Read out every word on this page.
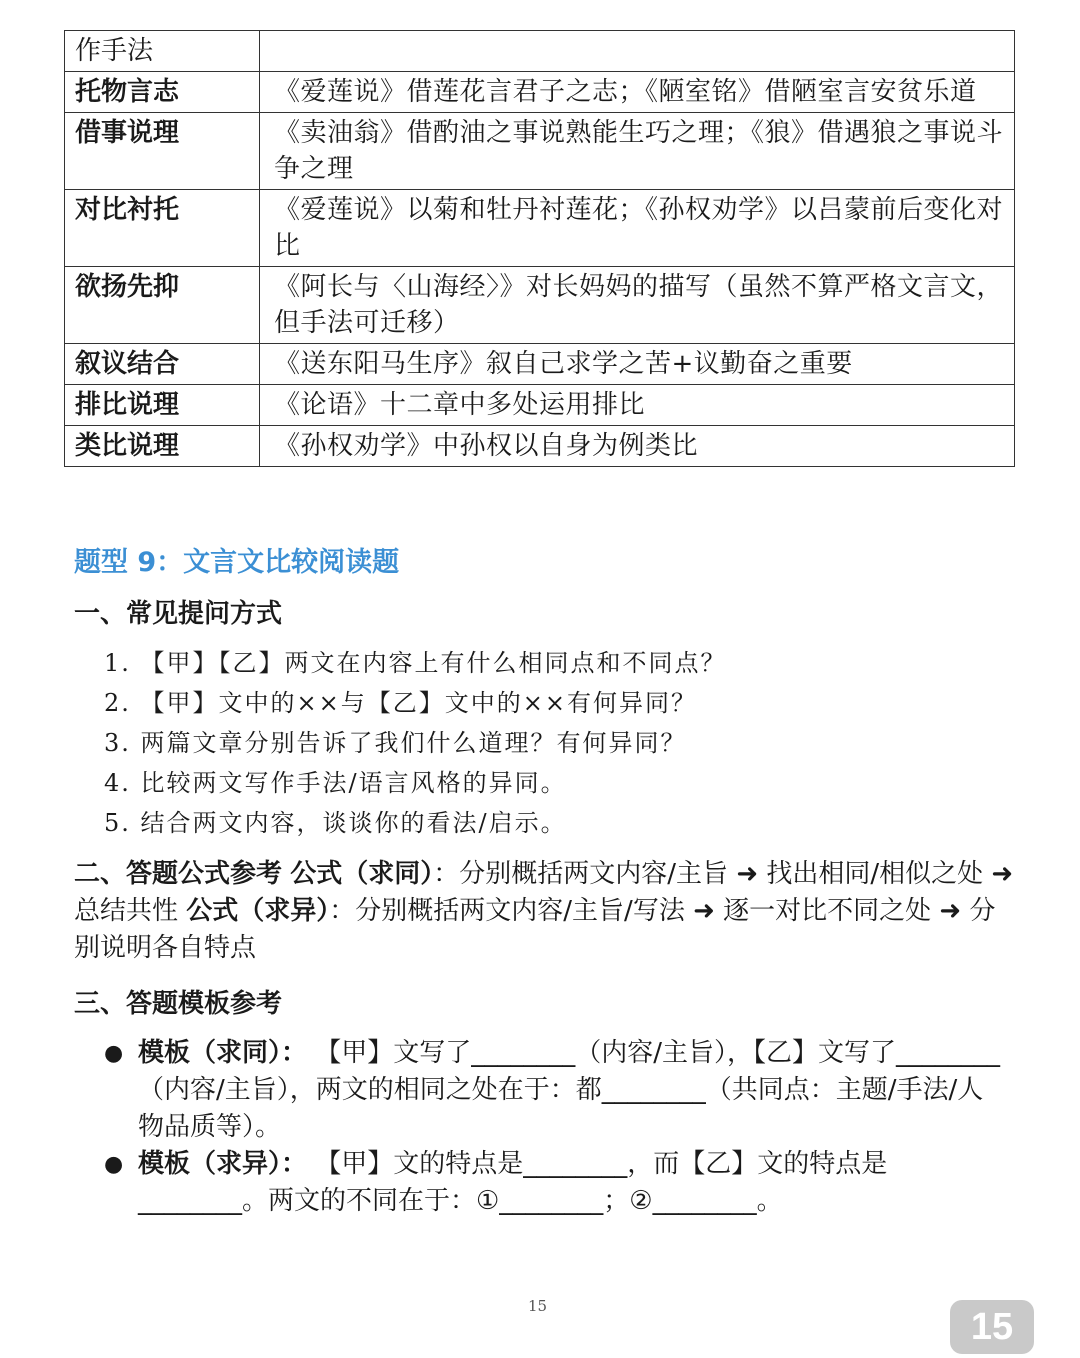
作手法	
托物言志	《爱莲说》借莲花言君子之志；《陋室铭》借陋室言安贫乐道
借事说理	《卖油翁》借酌油之事说熟能生巧之理；《狼》借遇狼之事说斗争之理
对比衬托	《爱莲说》以菊和牡丹衬莲花；《孙权劝学》以吕蒙前后变化对比
欲扬先抑	《阿长与〈山海经〉》对长妈妈的描写（虽然不算严格文言文，但手法可迁移）
叙议结合	《送东阳马生序》叙自己求学之苦+议勤奋之重要
排比说理	《论语》十二章中多处运用排比
类比说理	《孙权劝学》中孙权以自身为例类比
题型 9：文言文比较阅读题
一、常见提问方式
1. 【甲】【乙】两文在内容上有什么相同点和不同点？
2. 【甲】文中的××与【乙】文中的××有何异同？
3. 两篇文章分别告诉了我们什么道理？有何异同？
4. 比较两文写作手法/语言风格的异同。
5. 结合两文内容，谈谈你的看法/启示。
二、答题公式参考 公式（求同）：分别概括两文内容/主旨 ➜ 找出相同/相似之处 ➜ 总结共性 公式（求异）：分别概括两文内容/主旨/写法 ➜ 逐一对比不同之处 ➜ 分别说明各自特点
三、答题模板参考
● 模板（求同）： 【甲】文写了________（内容/主旨），【乙】文写了________（内容/主旨），两文的相同之处在于：都________（共同点：主题/手法/人物品质等）。
● 模板（求异）： 【甲】文的特点是________，而【乙】文的特点是________。两文的不同在于：①________；②________。
15	15
